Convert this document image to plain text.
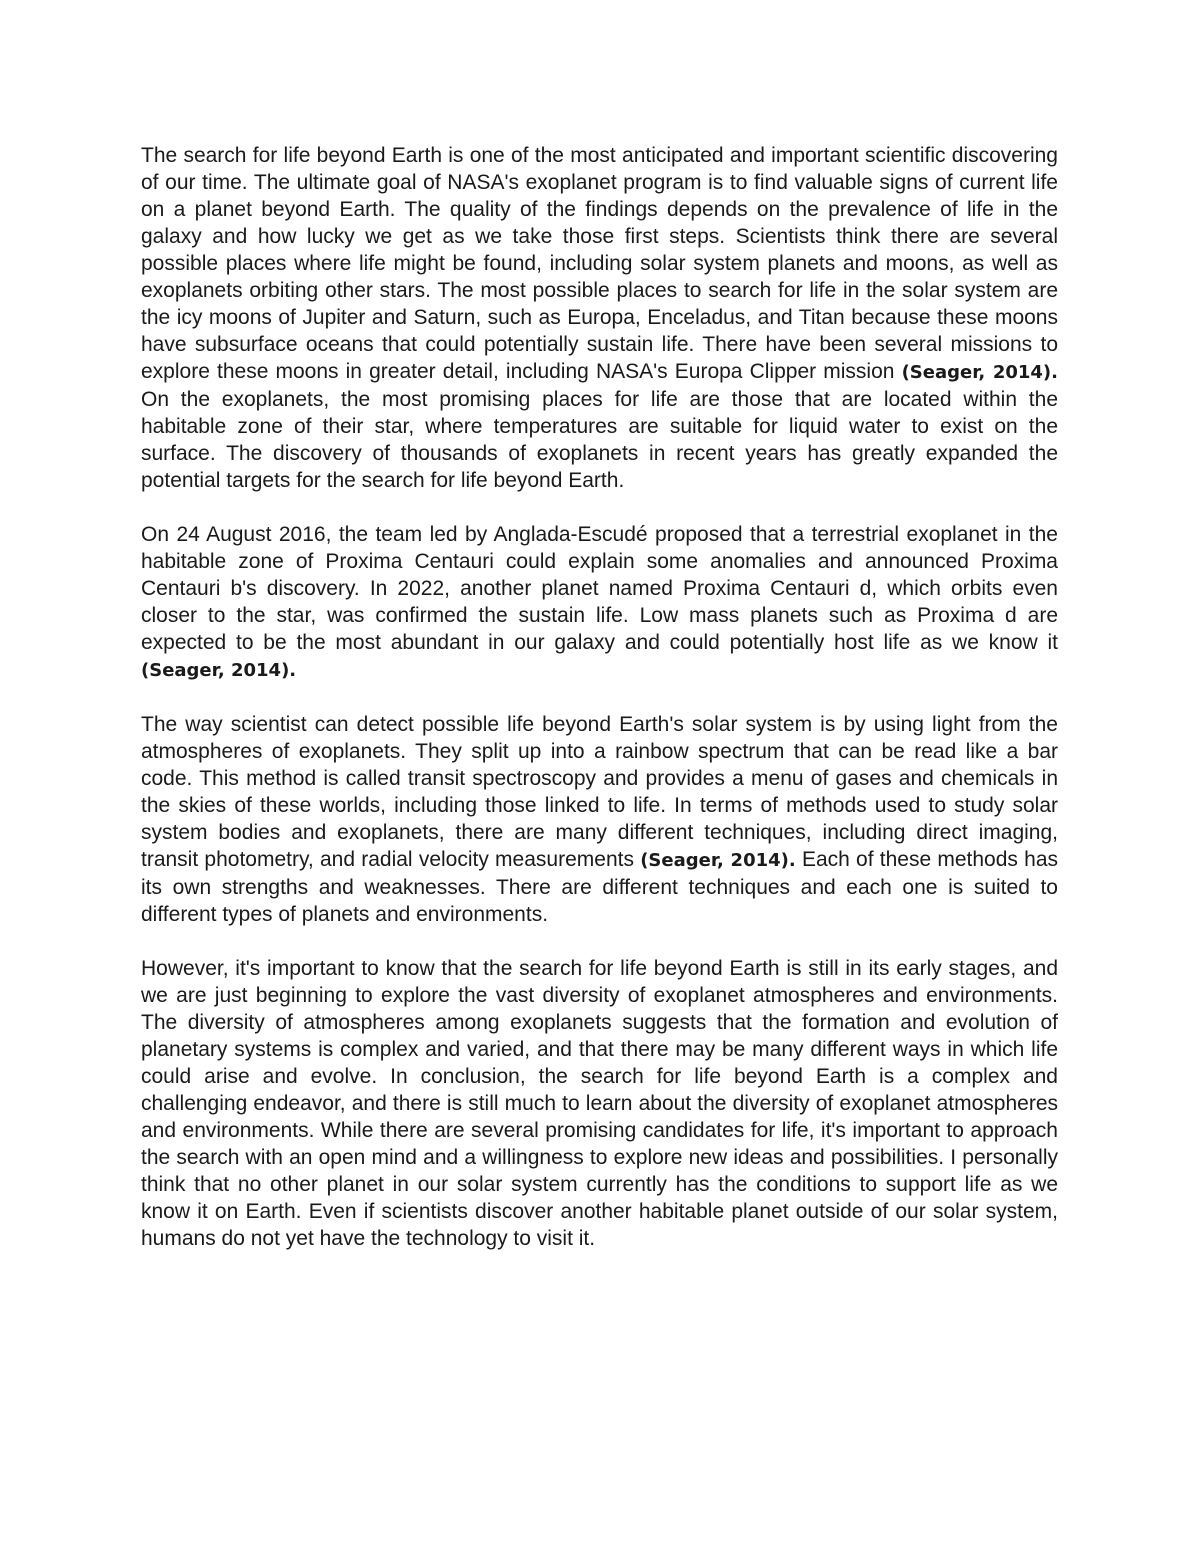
The search for life beyond Earth is one of the most anticipated and important scientific discovering of our time. The ultimate goal of NASA's exoplanet program is to find valuable signs of current life on a planet beyond Earth. The quality of the findings depends on the prevalence of life in the galaxy and how lucky we get as we take those first steps. Scientists think there are several possible places where life might be found, including solar system planets and moons, as well as exoplanets orbiting other stars. The most possible places to search for life in the solar system are the icy moons of Jupiter and Saturn, such as Europa, Enceladus, and Titan because these moons have subsurface oceans that could potentially sustain life. There have been several missions to explore these moons in greater detail, including NASA's Europa Clipper mission (Seager, 2014). On the exoplanets, the most promising places for life are those that are located within the habitable zone of their star, where temperatures are suitable for liquid water to exist on the surface. The discovery of thousands of exoplanets in recent years has greatly expanded the potential targets for the search for life beyond Earth.

On 24 August 2016, the team led by Anglada-Escudé proposed that a terrestrial exoplanet in the habitable zone of Proxima Centauri could explain some anomalies and announced Proxima Centauri b's discovery. In 2022, another planet named Proxima Centauri d, which orbits even closer to the star, was confirmed the sustain life. Low mass planets such as Proxima d are expected to be the most abundant in our galaxy and could potentially host life as we know it (Seager, 2014).

The way scientist can detect possible life beyond Earth's solar system is by using light from the atmospheres of exoplanets. They split up into a rainbow spectrum that can be read like a bar code. This method is called transit spectroscopy and provides a menu of gases and chemicals in the skies of these worlds, including those linked to life. In terms of methods used to study solar system bodies and exoplanets, there are many different techniques, including direct imaging, transit photometry, and radial velocity measurements (Seager, 2014). Each of these methods has its own strengths and weaknesses. There are different techniques and each one is suited to different types of planets and environments.

However, it's important to know that the search for life beyond Earth is still in its early stages, and we are just beginning to explore the vast diversity of exoplanet atmospheres and environments. The diversity of atmospheres among exoplanets suggests that the formation and evolution of planetary systems is complex and varied, and that there may be many different ways in which life could arise and evolve. In conclusion, the search for life beyond Earth is a complex and challenging endeavor, and there is still much to learn about the diversity of exoplanet atmospheres and environments. While there are several promising candidates for life, it's important to approach the search with an open mind and a willingness to explore new ideas and possibilities. I personally think that no other planet in our solar system currently has the conditions to support life as we know it on Earth. Even if scientists discover another habitable planet outside of our solar system, humans do not yet have the technology to visit it.
